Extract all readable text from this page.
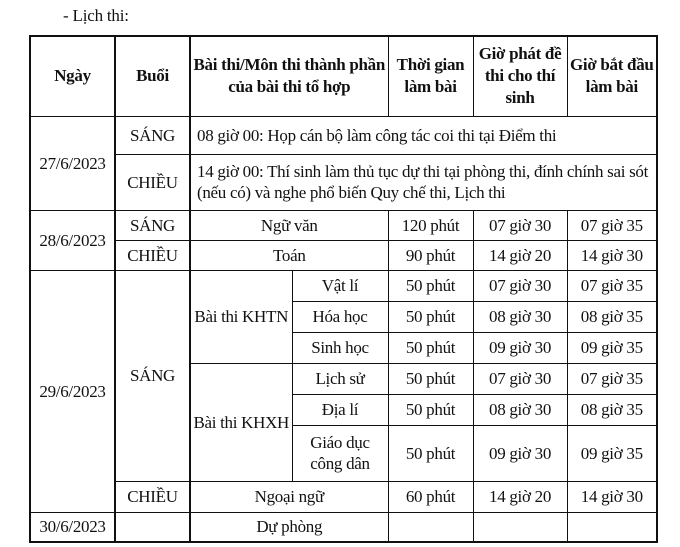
- Lịch thi:
Ngày	Buổi	Bài thi/Môn thi thành phần của bài thi tổ hợp		Thời gian làm bài	Giờ phát đề thi cho thí sinh	Giờ bắt đầu làm bài
27/6/2023	SÁNG	08 giờ 00: Họp cán bộ làm công tác coi thi tại Điểm thi				
	CHIỀU	14 giờ 00: Thí sinh làm thủ tục dự thi tại phòng thi, đính chính sai sót (nếu có) và nghe phổ biến Quy chế thi, Lịch thi				
28/6/2023	SÁNG	Ngữ văn		120 phút	07 giờ 30	07 giờ 35
	CHIỀU	Toán		90 phút	14 giờ 20	14 giờ 30
29/6/2023	SÁNG	Bài thi KHTN	Vật lí	50 phút	07 giờ 30	07 giờ 35
			Hóa học	50 phút	08 giờ 30	08 giờ 35
			Sinh học	50 phút	09 giờ 30	09 giờ 35
		Bài thi KHXH	Lịch sử	50 phút	07 giờ 30	07 giờ 35
			Địa lí	50 phút	08 giờ 30	08 giờ 35
			Giáo dục công dân	50 phút	09 giờ 30	09 giờ 35
	CHIỀU	Ngoại ngữ		60 phút	14 giờ 20	14 giờ 30
30/6/2023		Dự phòng				
